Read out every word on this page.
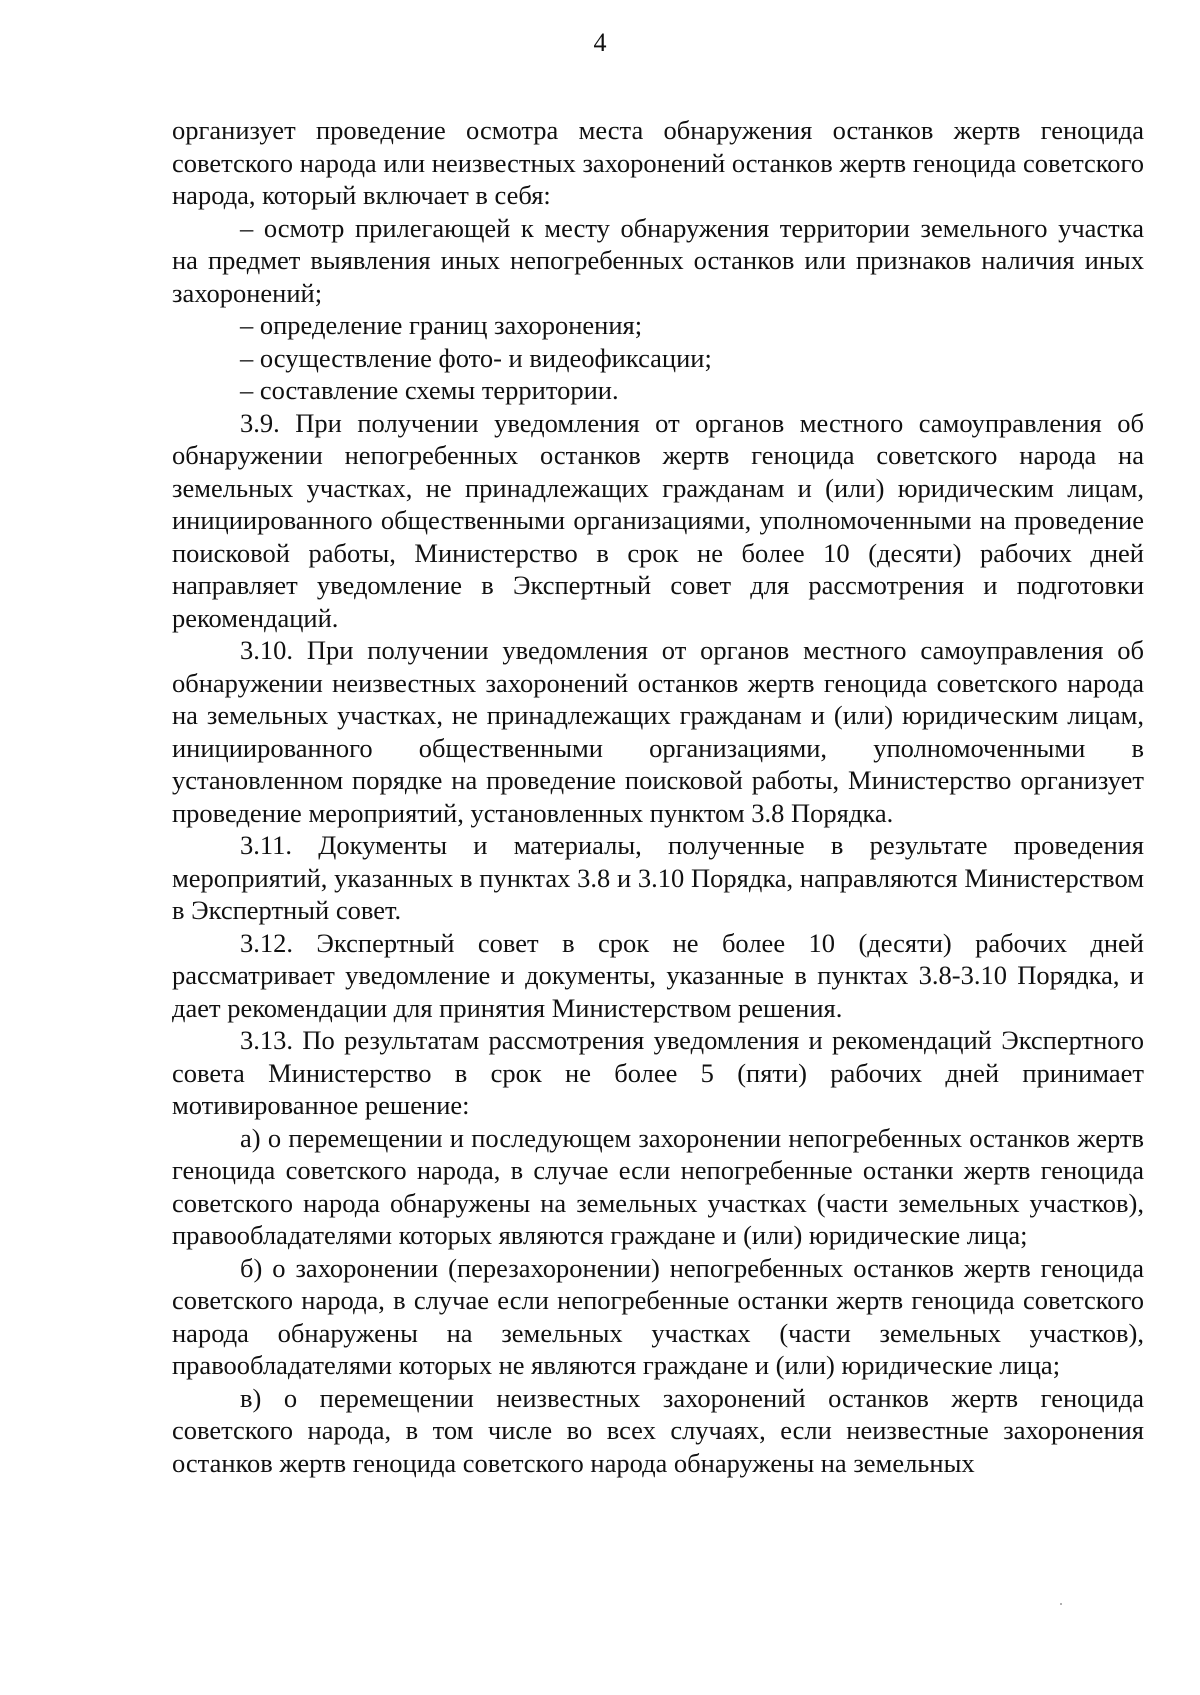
4

организует проведение осмотра места обнаружения останков жертв геноцида советского народа или неизвестных захоронений останков жертв геноцида советского народа, который включает в себя:

– осмотр прилегающей к месту обнаружения территории земельного участка на предмет выявления иных непогребенных останков или признаков наличия иных захоронений;

– определение границ захоронения;

– осуществление фото- и видеофиксации;

– составление схемы территории.

3.9. При получении уведомления от органов местного самоуправления об обнаружении непогребенных останков жертв геноцида советского народа на земельных участках, не принадлежащих гражданам и (или) юридическим лицам, инициированного общественными организациями, уполномоченными на проведение поисковой работы, Министерство в срок не более 10 (десяти) рабочих дней направляет уведомление в Экспертный совет для рассмотрения и подготовки рекомендаций.

3.10. При получении уведомления от органов местного самоуправления об обнаружении неизвестных захоронений останков жертв геноцида советского народа на земельных участках, не принадлежащих гражданам и (или) юридическим лицам, инициированного общественными организациями, уполномоченными в установленном порядке на проведение поисковой работы, Министерство организует проведение мероприятий, установленных пунктом 3.8 Порядка.

3.11. Документы и материалы, полученные в результате проведения мероприятий, указанных в пунктах 3.8 и 3.10 Порядка, направляются Министерством в Экспертный совет.

3.12. Экспертный совет в срок не более 10 (десяти) рабочих дней рассматривает уведомление и документы, указанные в пунктах 3.8-3.10 Порядка, и дает рекомендации для принятия Министерством решения.

3.13. По результатам рассмотрения уведомления и рекомендаций Экспертного совета Министерство в срок не более 5 (пяти) рабочих дней принимает мотивированное решение:

а) о перемещении и последующем захоронении непогребенных останков жертв геноцида советского народа, в случае если непогребенные останки жертв геноцида советского народа обнаружены на земельных участках (части земельных участков), правообладателями которых являются граждане и (или) юридические лица;

б) о захоронении (перезахоронении) непогребенных останков жертв геноцида советского народа, в случае если непогребенные останки жертв геноцида советского народа обнаружены на земельных участках (части земельных участков), правообладателями которых не являются граждане и (или) юридические лица;

в) о перемещении неизвестных захоронений останков жертв геноцида советского народа, в том числе во всех случаях, если неизвестные захоронения останков жертв геноцида советского народа обнаружены на земельных
